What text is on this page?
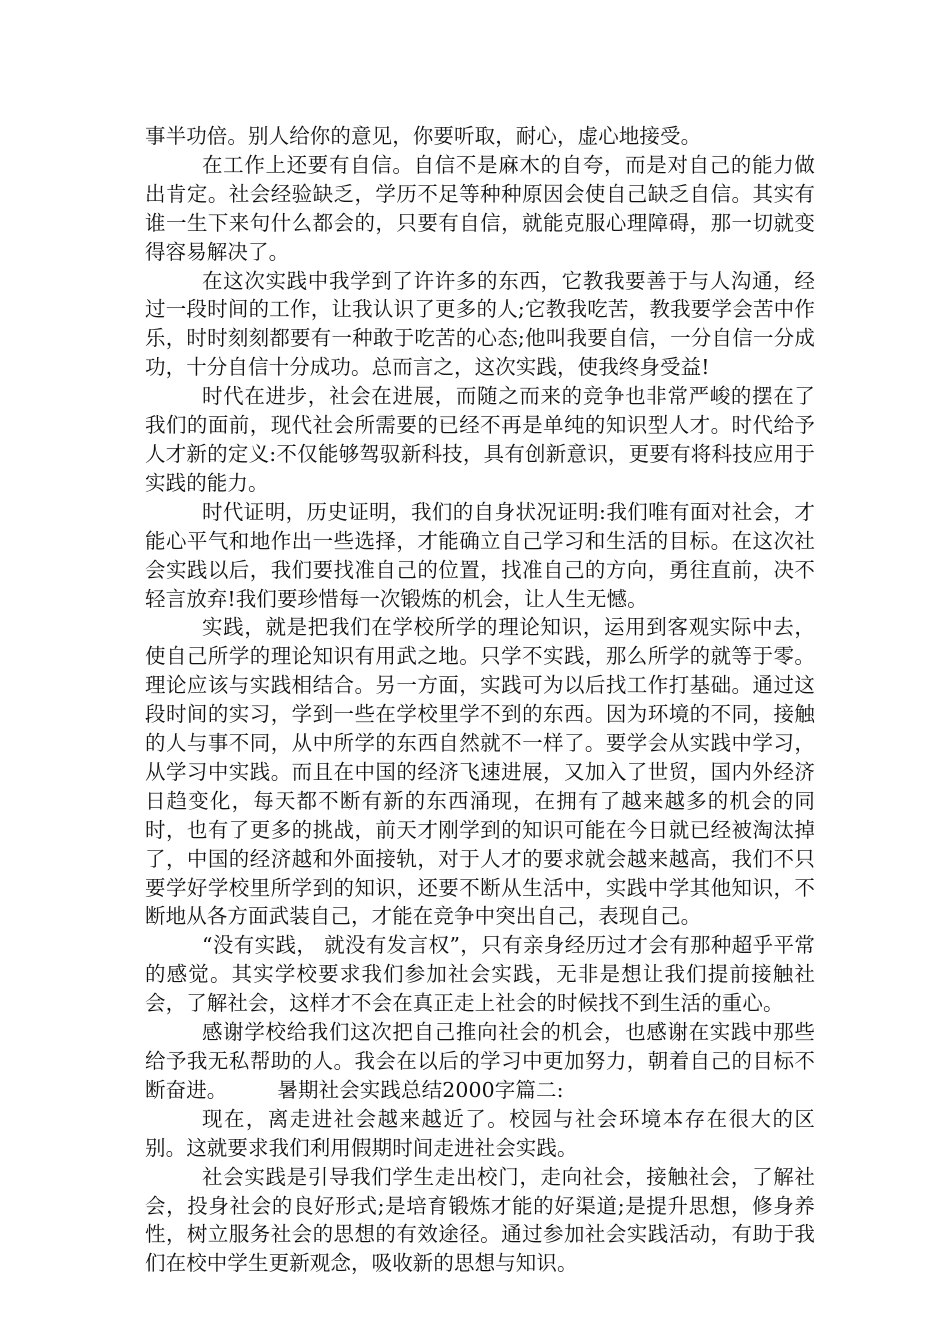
事半功倍。别人给你的意见，你要听取，耐心，虚心地接受。

在工作上还要有自信。自信不是麻木的自夸，而是对自己的能力做出肯定。社会经验缺乏，学历不足等种种原因会使自己缺乏自信。其实有谁一生下来句什么都会的，只要有自信，就能克服心理障碍，那一切就变得容易解决了。

在这次实践中我学到了许许多的东西，它教我要善于与人沟通，经过一段时间的工作，让我认识了更多的人;它教我吃苦，教我要学会苦中作乐，时时刻刻都要有一种敢于吃苦的心态;他叫我要自信，一分自信一分成功，十分自信十分成功。总而言之，这次实践，使我终身受益!

时代在进步，社会在进展，而随之而来的竞争也非常严峻的摆在了我们的面前，现代社会所需要的已经不再是单纯的知识型人才。时代给予人才新的定义:不仅能够驾驭新科技，具有创新意识，更要有将科技应用于实践的能力。

时代证明，历史证明，我们的自身状况证明:我们唯有面对社会，才能心平气和地作出一些选择，才能确立自己学习和生活的目标。在这次社会实践以后，我们要找准自己的位置，找准自己的方向，勇往直前，决不轻言放弃!我们要珍惜每一次锻炼的机会，让人生无憾。

实践，就是把我们在学校所学的理论知识，运用到客观实际中去，使自己所学的理论知识有用武之地。只学不实践，那么所学的就等于零。理论应该与实践相结合。另一方面，实践可为以后找工作打基础。通过这段时间的实习，学到一些在学校里学不到的东西。因为环境的不同，接触的人与事不同，从中所学的东西自然就不一样了。要学会从实践中学习，从学习中实践。而且在中国的经济飞速进展，又加入了世贸，国内外经济日趋变化，每天都不断有新的东西涌现，在拥有了越来越多的机会的同时，也有了更多的挑战，前天才刚学到的知识可能在今日就已经被淘汰掉了，中国的经济越和外面接轨，对于人才的要求就会越来越高，我们不只要学好学校里所学到的知识，还要不断从生活中，实践中学其他知识，不断地从各方面武装自己，才能在竞争中突出自己，表现自己。

“没有实践， 就没有发言权”，只有亲身经历过才会有那种超乎平常的感觉。其实学校要求我们参加社会实践，无非是想让我们提前接触社会，了解社会，这样才不会在真正走上社会的时候找不到生活的重心。

感谢学校给我们这次把自己推向社会的机会，也感谢在实践中那些给予我无私帮助的人。我会在以后的学习中更加努力，朝着自己的目标不断奋进。 暑期社会实践总结2000字篇二:

现在，离走进社会越来越近了。校园与社会环境本存在很大的区别。这就要求我们利用假期时间走进社会实践。

社会实践是引导我们学生走出校门，走向社会，接触社会，了解社会，投身社会的良好形式;是培育锻炼才能的好渠道;是提升思想，修身养性，树立服务社会的思想的有效途径。通过参加社会实践活动，有助于我们在校中学生更新观念，吸收新的思想与知识。
